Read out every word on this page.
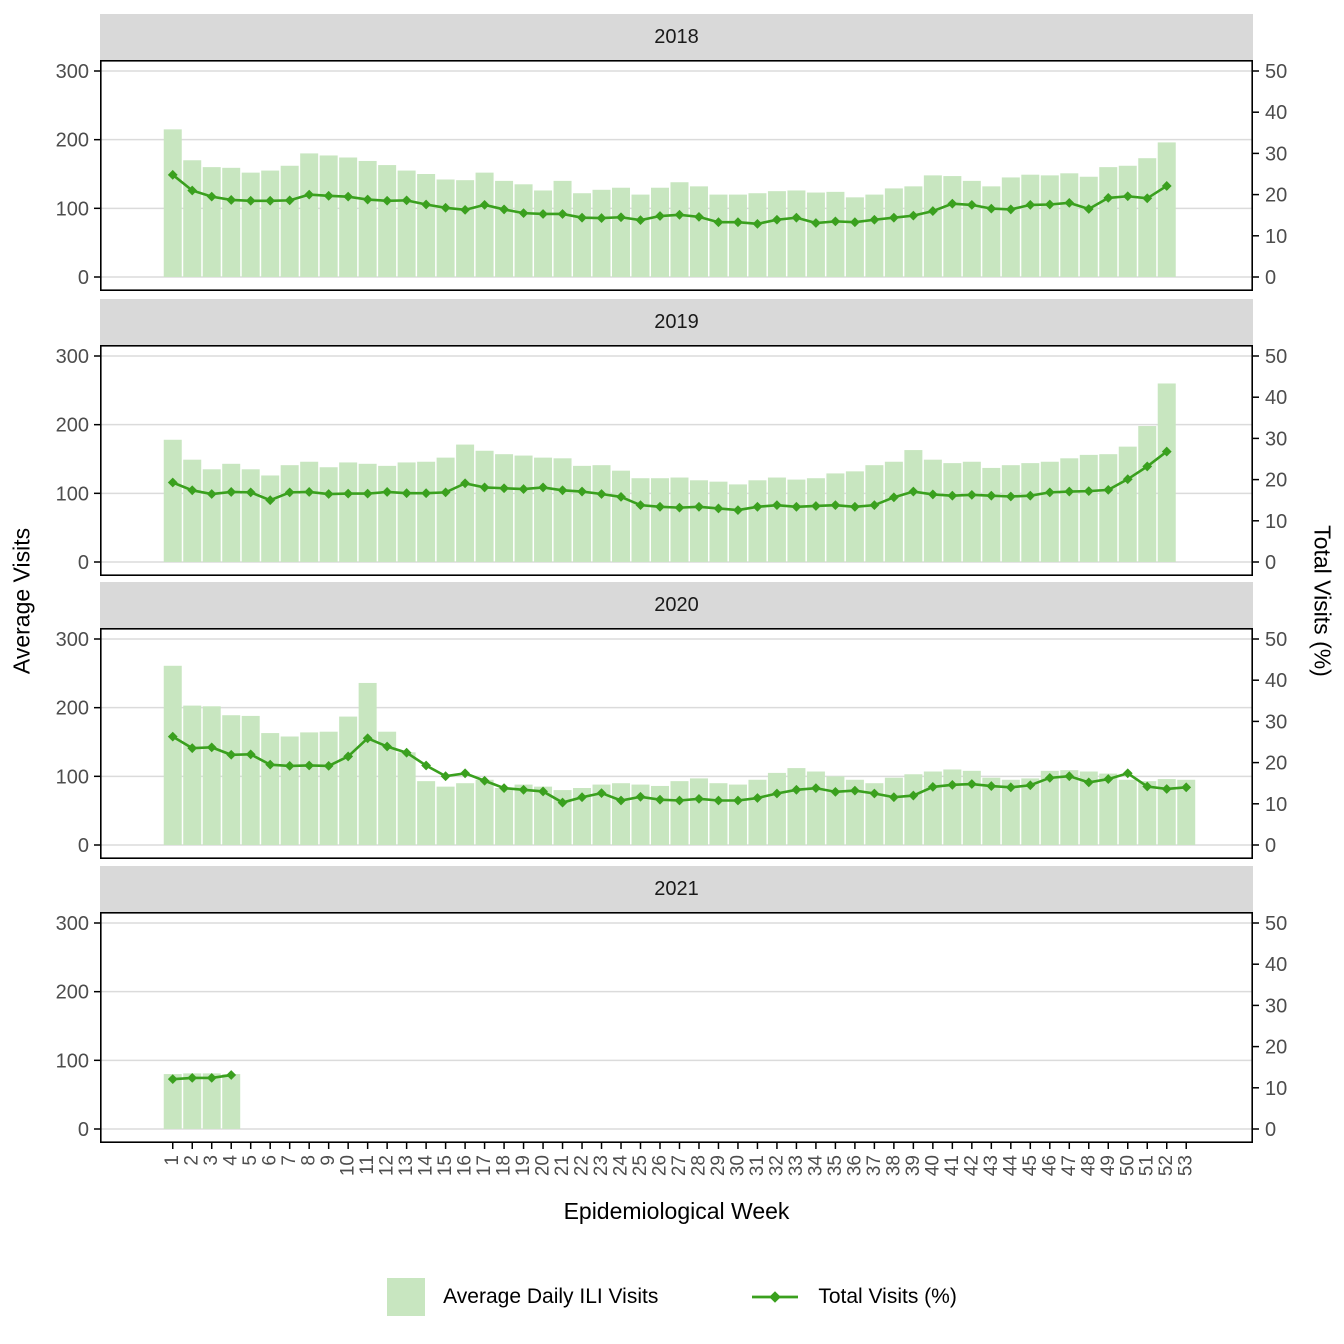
2018
0
100
200
300
0
10
20
30
40
50
2019
0
100
200
300
0
10
20
30
40
50
2020
0
100
200
300
0
10
20
30
40
50
2021
0
100
200
300
0
10
20
30
40
50
1
2
3
4
5
6
7
8
9
10
11
12
13
14
15
16
17
18
19
20
21
22
23
24
25
26
27
28
29
30
31
32
33
34
35
36
37
38
39
40
41
42
43
44
45
46
47
48
49
50
51
52
53
Average Visits	Total Visits (%)
Epidemiological Week
Average Daily ILI Visits	Total Visits (%)
